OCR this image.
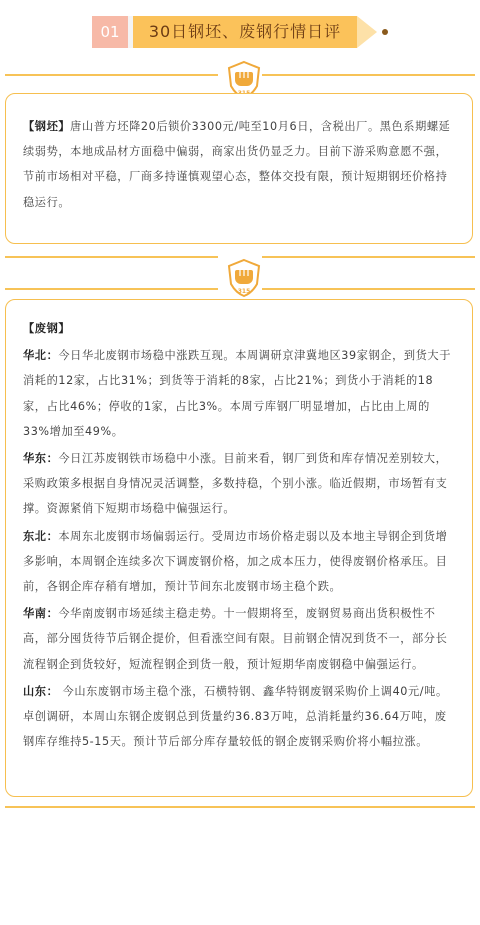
01	30日钢坯、废钢行情日评

【钢坯】唐山普方坯降20后锁价3300元/吨至10月6日，含税出厂。黑色系期螺延续弱势，本地成品材方面稳中偏弱，商家出货仍显乏力。目前下游采购意愿不强，节前市场相对平稳，厂商多持谨慎观望心态，整体交投有限，预计短期钢坯价格持稳运行。

315

【废钢】

华北：今日华北废钢市场稳中涨跌互现。本周调研京津冀地区39家钢企，到货大于消耗的12家，占比31%；到货等于消耗的8家，占比21%；到货小于消耗的18家，占比46%；停收的1家，占比3%。本周亏库钢厂明显增加，占比由上周的33%增加至49%。

华东：今日江苏废钢铁市场稳中小涨。目前来看，钢厂到货和库存情况差别较大，采购政策多根据自身情况灵活调整，多数持稳，个别小涨。临近假期，市场暂有支撑。资源紧俏下短期市场稳中偏强运行。

东北：本周东北废钢市场偏弱运行。受周边市场价格走弱以及本地主导钢企到货增多影响，本周钢企连续多次下调废钢价格，加之成本压力，使得废钢价格承压。目前，各钢企库存稍有增加，预计节间东北废钢市场主稳个跌。

华南：今华南废钢市场延续主稳走势。十一假期将至，废钢贸易商出货积极性不高，部分囤货待节后钢企提价，但看涨空间有限。目前钢企情况到货不一，部分长流程钢企到货较好，短流程钢企到货一般，预计短期华南废钢稳中偏强运行。

山东： 今山东废钢市场主稳个涨，石横特钢、鑫华特钢废钢采购价上调40元/吨。卓创调研，本周山东钢企废钢总到货量约36.83万吨，总消耗量约36.64万吨，废钢库存维持5-15天。预计节后部分库存量较低的钢企废钢采购价将小幅拉涨。
